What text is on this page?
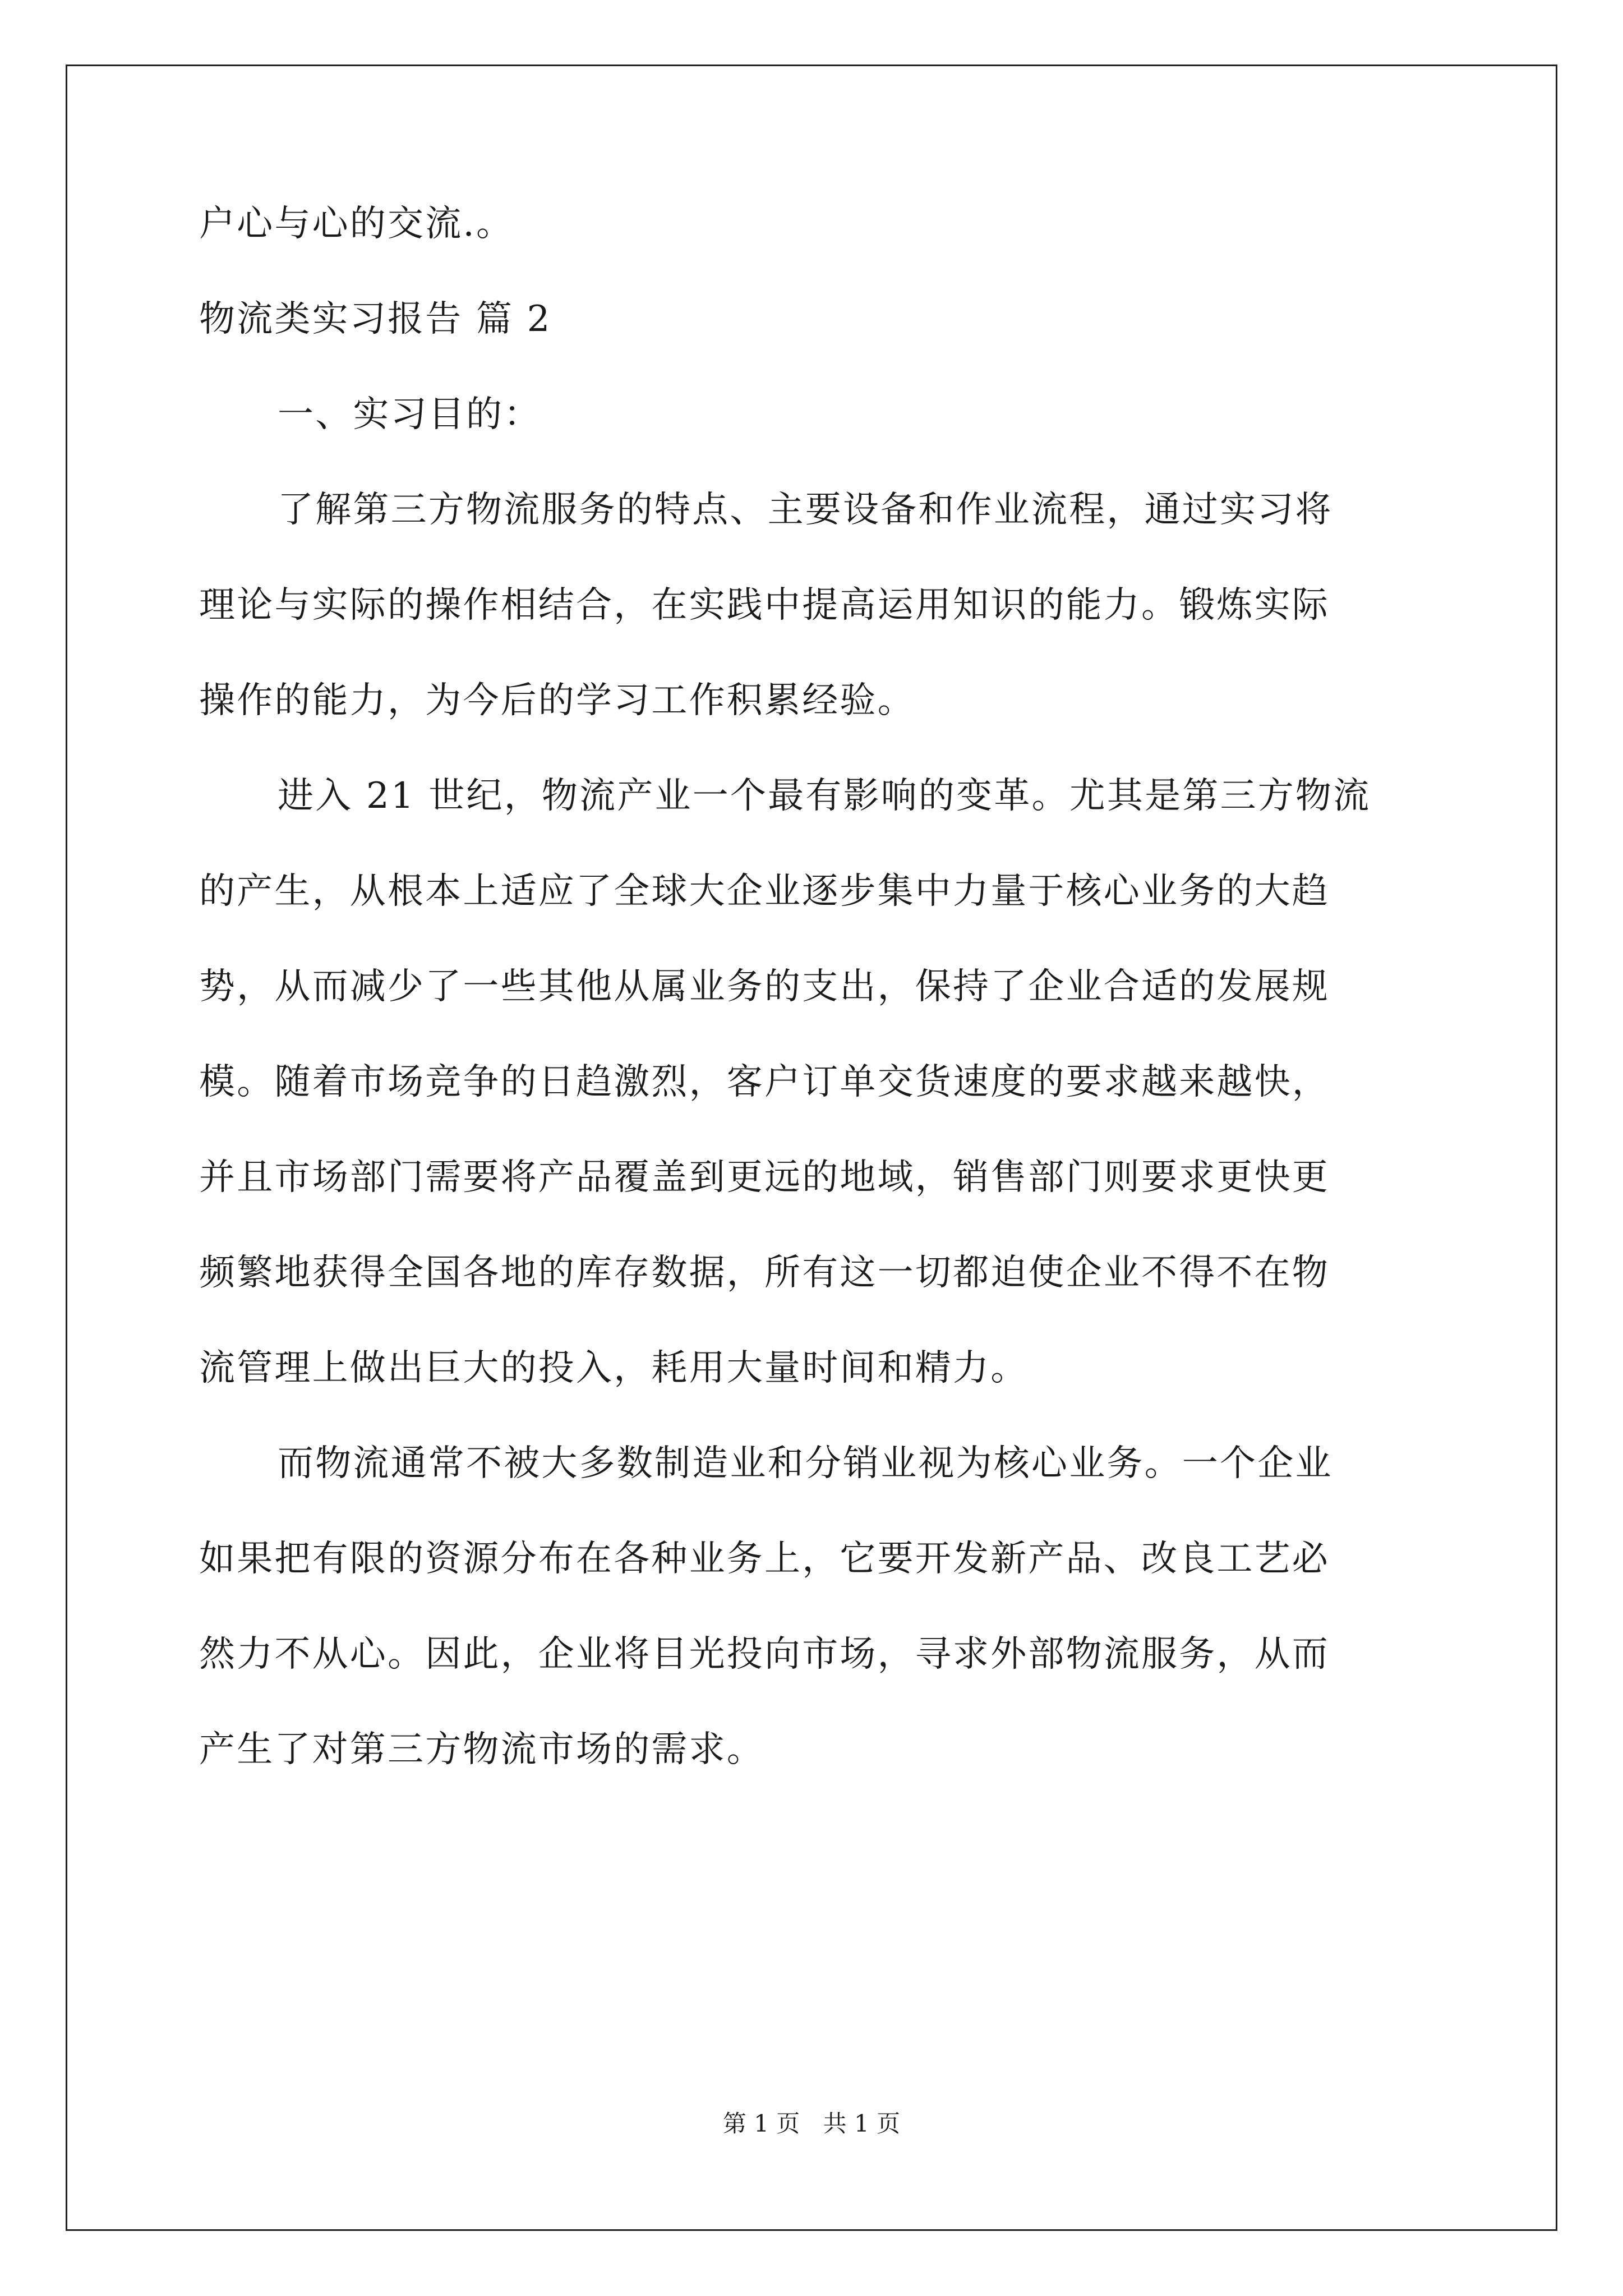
户心与心的交流.。
物流类实习报告 篇 2
一、实习目的：
了解第三方物流服务的特点、主要设备和作业流程，通过实习将
理论与实际的操作相结合，在实践中提高运用知识的能力。锻炼实际
操作的能力，为今后的学习工作积累经验。
进入 21 世纪，物流产业一个最有影响的变革。尤其是第三方物流
的产生，从根本上适应了全球大企业逐步集中力量于核心业务的大趋
势，从而减少了一些其他从属业务的支出，保持了企业合适的发展规
模。随着市场竞争的日趋激烈，客户订单交货速度的要求越来越快，
并且市场部门需要将产品覆盖到更远的地域，销售部门则要求更快更
频繁地获得全国各地的库存数据，所有这一切都迫使企业不得不在物
流管理上做出巨大的投入，耗用大量时间和精力。
而物流通常不被大多数制造业和分销业视为核心业务。一个企业
如果把有限的资源分布在各种业务上，它要开发新产品、改良工艺必
然力不从心。因此，企业将目光投向市场，寻求外部物流服务，从而
产生了对第三方物流市场的需求。
第 1 页 共 1 页
